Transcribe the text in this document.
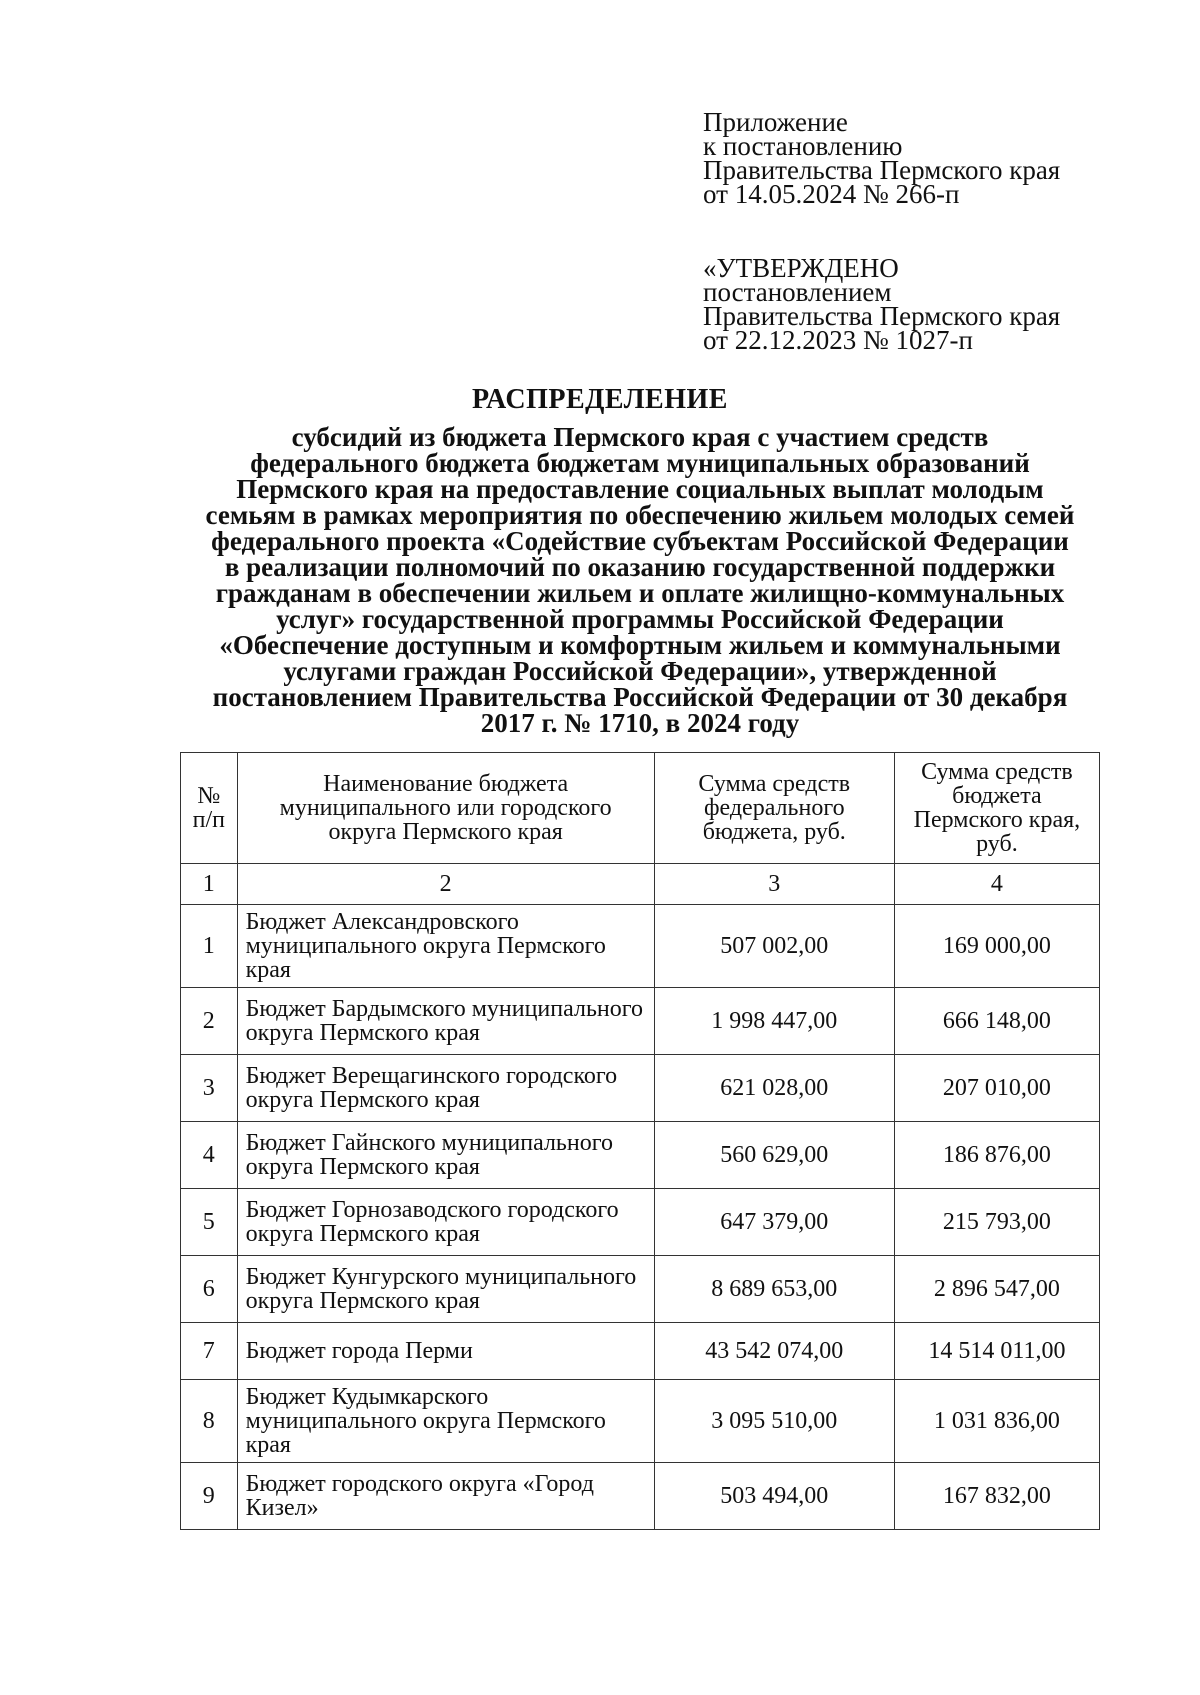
Приложение
к постановлению
Правительства Пермского края
от 14.05.2024 № 266-п
«УТВЕРЖДЕНО
постановлением
Правительства Пермского края
от 22.12.2023 № 1027-п
РАСПРЕДЕЛЕНИЕ
субсидий из бюджета Пермского края с участием средств
федерального бюджета бюджетам муниципальных образований
Пермского края на предоставление социальных выплат молодым
семьям в рамках мероприятия по обеспечению жильем молодых семей
федерального проекта «Содействие субъектам Российской Федерации
в реализации полномочий по оказанию государственной поддержки
гражданам в обеспечении жильем и оплате жилищно-коммунальных
услуг» государственной программы Российской Федерации
«Обеспечение доступным и комфортным жильем и коммунальными
услугами граждан Российской Федерации», утвержденной
постановлением Правительства Российской Федерации от 30 декабря
2017 г. № 1710, в 2024 году
№ п/п	Наименование бюджета муниципального или городского округа Пермского края	Сумма средств федерального бюджета, руб.	Сумма средств бюджета Пермского края, руб.
1	2	3	4
1	Бюджет Александровского муниципального округа Пермского края	507 002,00	169 000,00
2	Бюджет Бардымского муниципального округа Пермского края	1 998 447,00	666 148,00
3	Бюджет Верещагинского городского округа Пермского края	621 028,00	207 010,00
4	Бюджет Гайнского муниципального округа Пермского края	560 629,00	186 876,00
5	Бюджет Горнозаводского городского округа Пермского края	647 379,00	215 793,00
6	Бюджет Кунгурского муниципального округа Пермского края	8 689 653,00	2 896 547,00
7	Бюджет города Перми	43 542 074,00	14 514 011,00
8	Бюджет Кудымкарского муниципального округа Пермского края	3 095 510,00	1 031 836,00
9	Бюджет городского округа «Город Кизел»	503 494,00	167 832,00
